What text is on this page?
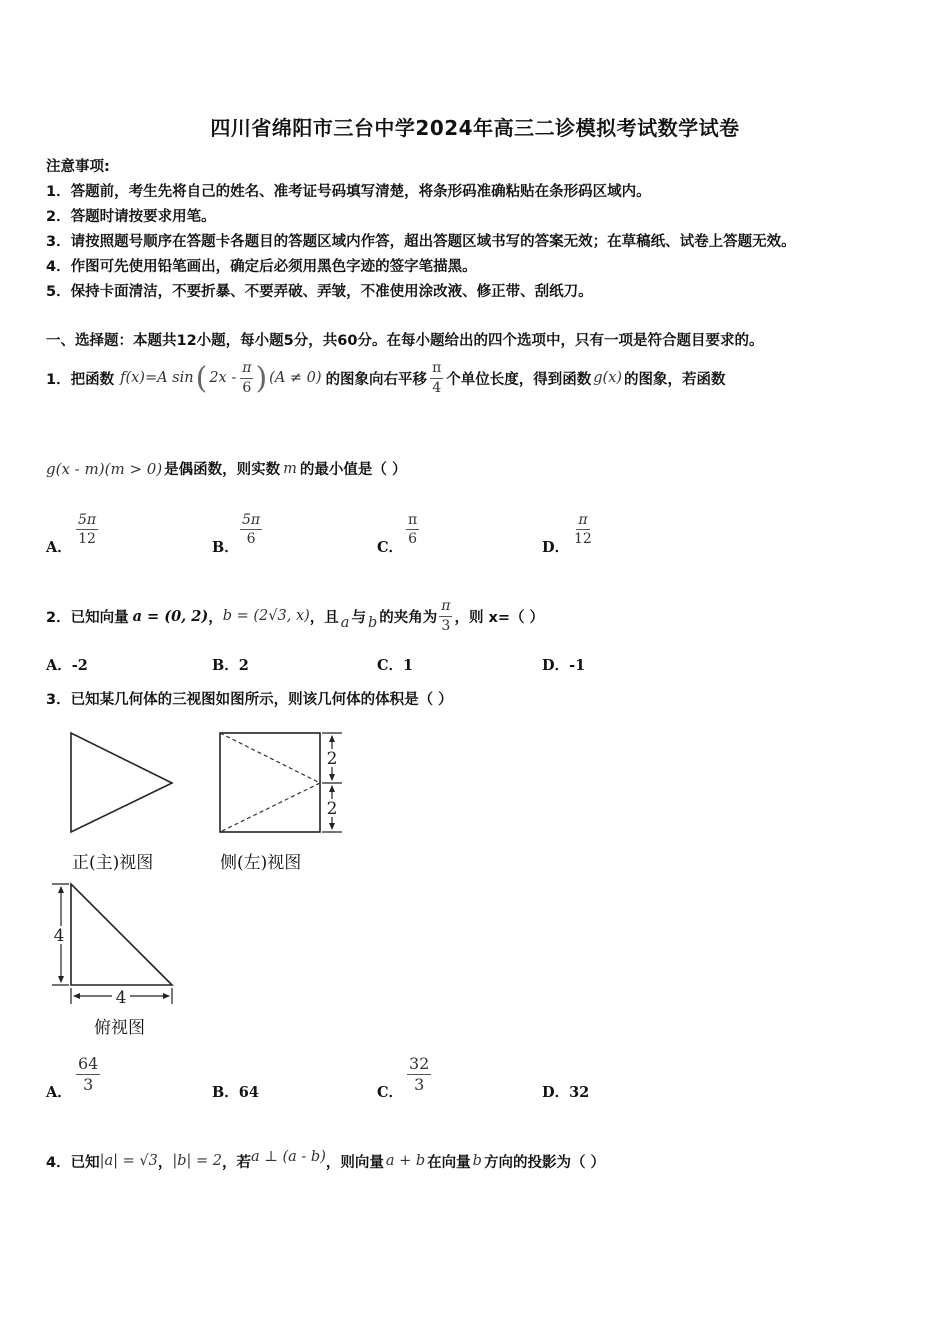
四川省绵阳市三台中学2024年高三二诊模拟考试数学试卷
注意事项:
1．答题前，考生先将自己的姓名、准考证号码填写清楚，将条形码准确粘贴在条形码区域内。
2．答题时请按要求用笔。
3．请按照题号顺序在答题卡各题目的答题区域内作答，超出答题区域书写的答案无效；在草稿纸、试卷上答题无效。
4．作图可先使用铅笔画出，确定后必须用黑色字迹的签字笔描黑。
5．保持卡面清洁，不要折暴、不要弄破、弄皱，不准使用涂改液、修正带、刮纸刀。
一、选择题：本题共12小题，每小题5分，共60分。在每小题给出的四个选项中，只有一项是符合题目要求的。
1．把函数 f(x)=A sin ( $2x - \frac{\pi}{6}$ ) (A ≠ 0) 的图象向右平移 $\frac{\pi}{4}$ 个单位长度，得到函数 g(x) 的图象，若函数
g(x - m)(m > 0) 是偶函数，则实数 m 的最小值是（ ）
A．
$\frac{5\pi}{12}$
B．
$\frac{5\pi}{6}$
C．
$\frac{\pi}{6}$
D．
$\frac{\pi}{12}$
2．已知向量 a = (0, 2) ， b = (2√3, x) ，且 a 与 b 的夹角为 $\frac{\pi}{3}$ ，则 x=（ ）
A．-2	B．2	C．1	D．-1
3．已知某几何体的三视图如图所示，则该几何体的体积是（ ）
2
2
4
4
正(主)视图	侧(左)视图
俯视图
A． $\frac{64}{3}$	B．64	C． $\frac{32}{3}$	D．32
4．已知 |a| = √3 ， |b| = 2 ，若 a ⊥ (a - b) ，则向量 a + b 在向量 b 方向的投影为（ ）
